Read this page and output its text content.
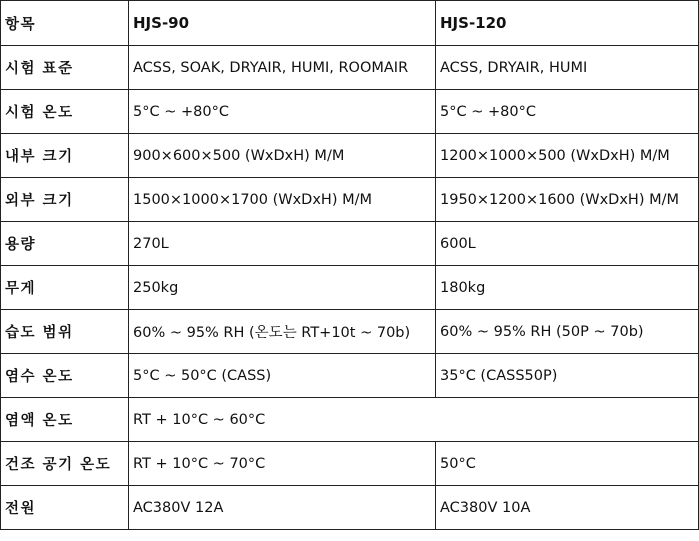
항목	HJS-90	HJS-120
시험 표준	ACSS, SOAK, DRYAIR, HUMI, ROOMAIR	ACSS, DRYAIR, HUMI
시험 온도	5°C ~ +80°C	5°C ~ +80°C
내부 크기	900×600×500 (WxDxH) M/M	1200×1000×500 (WxDxH) M/M
외부 크기	1500×1000×1700 (WxDxH) M/M	1950×1200×1600 (WxDxH) M/M
용량	270L	600L
무게	250kg	180kg
습도 범위	60% ~ 95% RH (온도는 RT+10t ~ 70b)	60% ~ 95% RH (50P ~ 70b)
염수 온도	5°C ~ 50°C (CASS)	35°C (CASS50P)
염액 온도	RT + 10°C ~ 60°C	
건조 공기 온도	RT + 10°C ~ 70°C	50°C
전원	AC380V 12A	AC380V 10A
